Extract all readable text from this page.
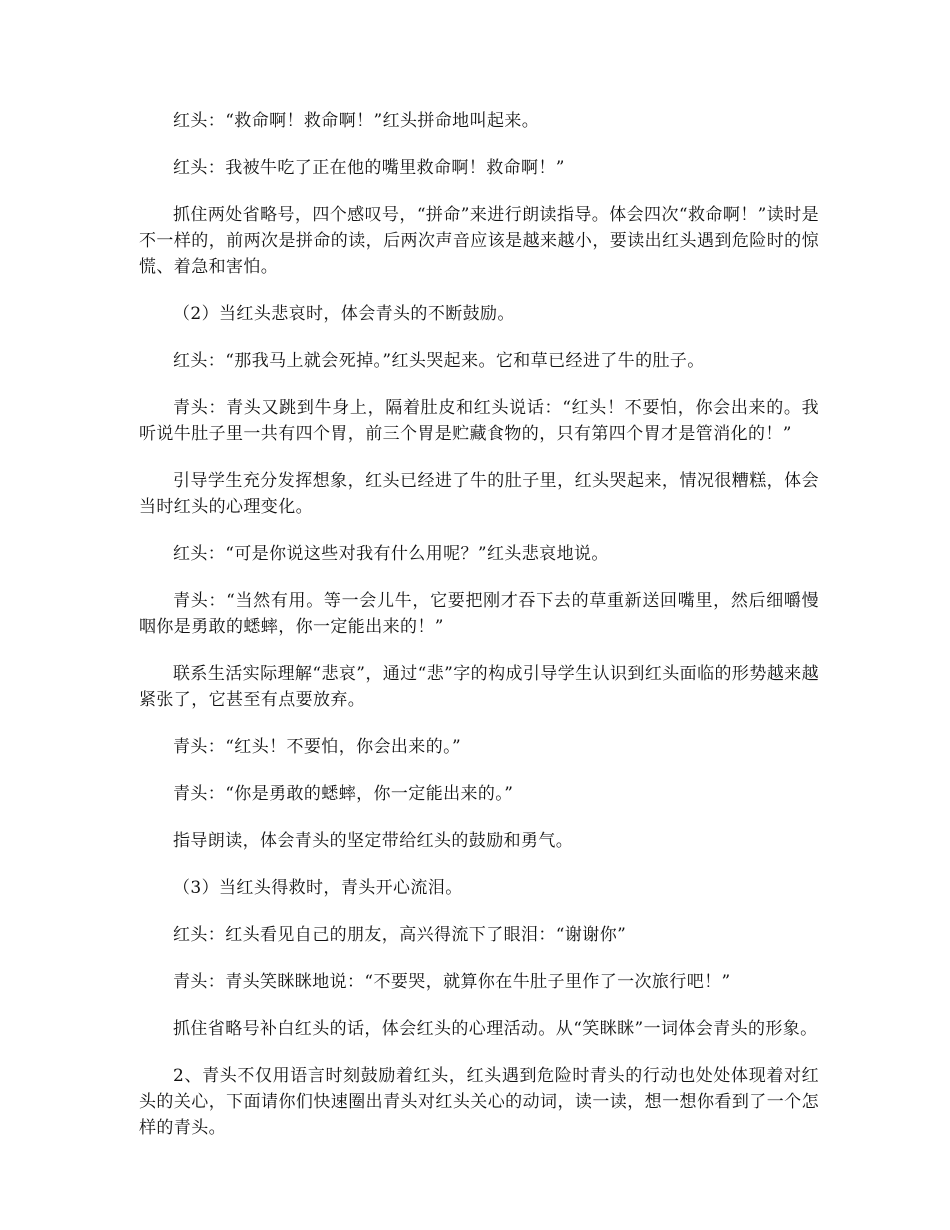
红头：“救命啊！救命啊！”红头拼命地叫起来。

红头：我被牛吃了正在他的嘴里救命啊！救命啊！”

抓住两处省略号，四个感叹号，“拼命”来进行朗读指导。体会四次“救命啊！”读时是不一样的，前两次是拼命的读，后两次声音应该是越来越小，要读出红头遇到危险时的惊慌、着急和害怕。

（2）当红头悲哀时，体会青头的不断鼓励。

红头：“那我马上就会死掉。”红头哭起来。它和草已经进了牛的肚子。

青头：青头又跳到牛身上，隔着肚皮和红头说话：“红头！不要怕，你会出来的。我听说牛肚子里一共有四个胃，前三个胃是贮藏食物的，只有第四个胃才是管消化的！”

引导学生充分发挥想象，红头已经进了牛的肚子里，红头哭起来，情况很糟糕，体会当时红头的心理变化。

红头：“可是你说这些对我有什么用呢？”红头悲哀地说。

青头：“当然有用。等一会儿牛，它要把刚才吞下去的草重新送回嘴里，然后细嚼慢咽你是勇敢的蟋蟀，你一定能出来的！”

联系生活实际理解“悲哀”，通过“悲”字的构成引导学生认识到红头面临的形势越来越紧张了，它甚至有点要放弃。

青头：“红头！不要怕，你会出来的。”

青头：“你是勇敢的蟋蟀，你一定能出来的。”

指导朗读，体会青头的坚定带给红头的鼓励和勇气。

（3）当红头得救时，青头开心流泪。

红头：红头看见自己的朋友，高兴得流下了眼泪：“谢谢你”

青头：青头笑眯眯地说：“不要哭，就算你在牛肚子里作了一次旅行吧！”

抓住省略号补白红头的话，体会红头的心理活动。从“笑眯眯”一词体会青头的形象。

2、青头不仅用语言时刻鼓励着红头，红头遇到危险时青头的行动也处处体现着对红头的关心，下面请你们快速圈出青头对红头关心的动词，读一读，想一想你看到了一个怎样的青头。
